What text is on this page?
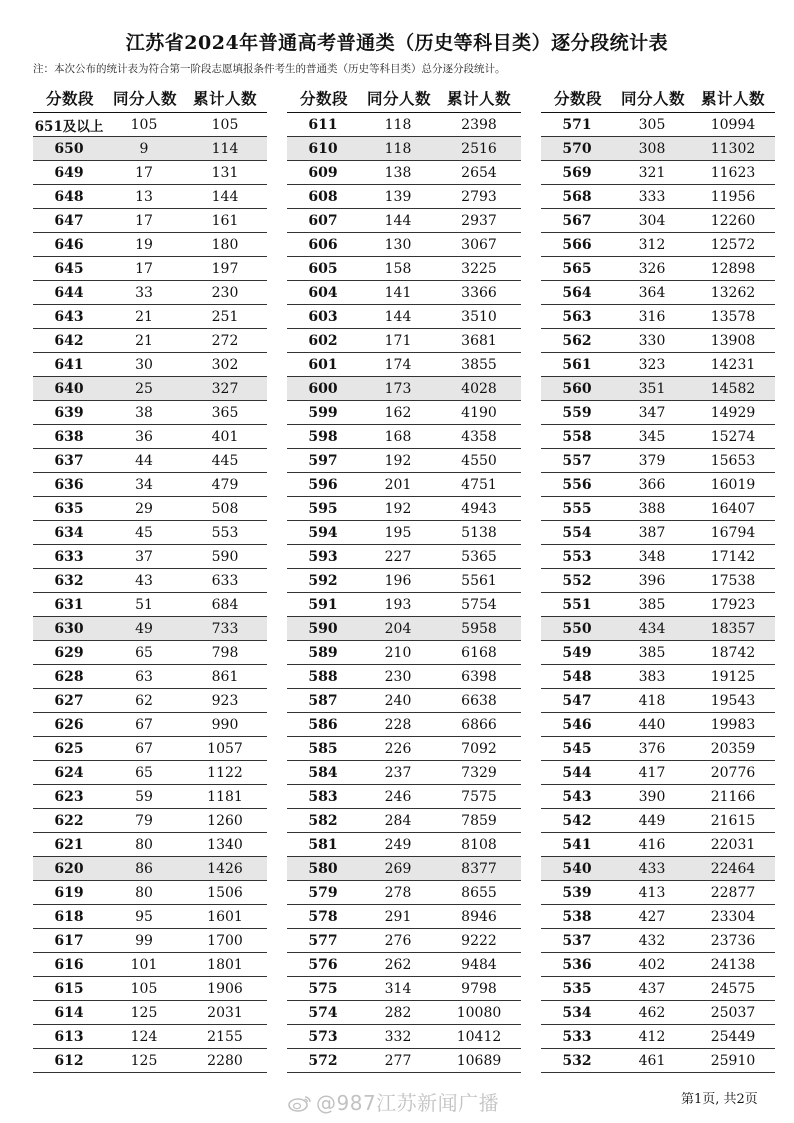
江苏省2024年普通高考普通类（历史等科目类）逐分段统计表
注：本次公布的统计表为符合第一阶段志愿填报条件考生的普通类（历史等科目类）总分逐分段统计。
分数段	同分人数	累计人数
651及以上	105	105
650	9	114
649	17	131
648	13	144
647	17	161
646	19	180
645	17	197
644	33	230
643	21	251
642	21	272
641	30	302
640	25	327
639	38	365
638	36	401
637	44	445
636	34	479
635	29	508
634	45	553
633	37	590
632	43	633
631	51	684
630	49	733
629	65	798
628	63	861
627	62	923
626	67	990
625	67	1057
624	65	1122
623	59	1181
622	79	1260
621	80	1340
620	86	1426
619	80	1506
618	95	1601
617	99	1700
616	101	1801
615	105	1906
614	125	2031
613	124	2155
612	125	2280
分数段	同分人数	累计人数
611	118	2398
610	118	2516
609	138	2654
608	139	2793
607	144	2937
606	130	3067
605	158	3225
604	141	3366
603	144	3510
602	171	3681
601	174	3855
600	173	4028
599	162	4190
598	168	4358
597	192	4550
596	201	4751
595	192	4943
594	195	5138
593	227	5365
592	196	5561
591	193	5754
590	204	5958
589	210	6168
588	230	6398
587	240	6638
586	228	6866
585	226	7092
584	237	7329
583	246	7575
582	284	7859
581	249	8108
580	269	8377
579	278	8655
578	291	8946
577	276	9222
576	262	9484
575	314	9798
574	282	10080
573	332	10412
572	277	10689
分数段	同分人数	累计人数
571	305	10994
570	308	11302
569	321	11623
568	333	11956
567	304	12260
566	312	12572
565	326	12898
564	364	13262
563	316	13578
562	330	13908
561	323	14231
560	351	14582
559	347	14929
558	345	15274
557	379	15653
556	366	16019
555	388	16407
554	387	16794
553	348	17142
552	396	17538
551	385	17923
550	434	18357
549	385	18742
548	383	19125
547	418	19543
546	440	19983
545	376	20359
544	417	20776
543	390	21166
542	449	21615
541	416	22031
540	433	22464
539	413	22877
538	427	23304
537	432	23736
536	402	24138
535	437	24575
534	462	25037
533	412	25449
532	461	25910
@987江苏新闻广播	第1页, 共2页
